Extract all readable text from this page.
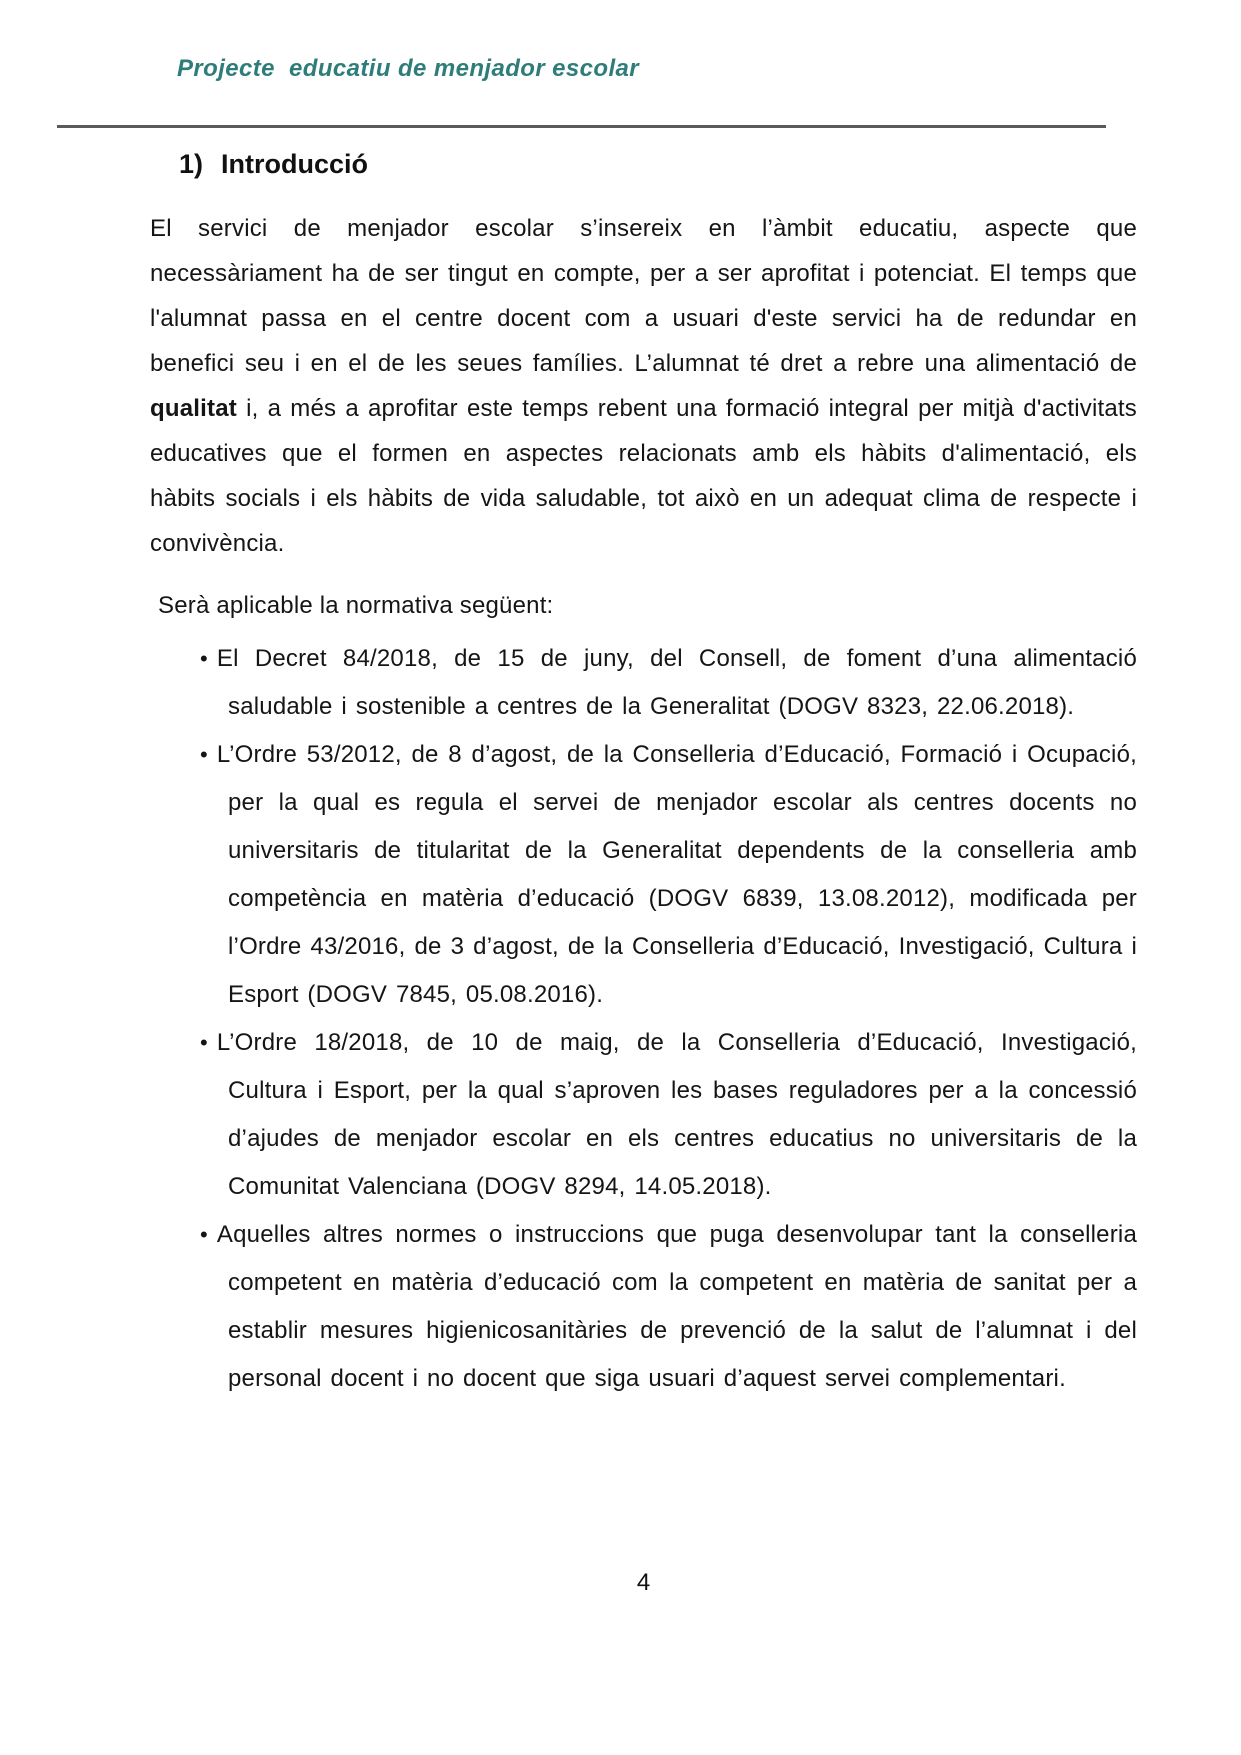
Projecte  educatiu de menjador escolar
1) Introducció

El servici de menjador escolar s’insereix en l’àmbit educatiu, aspecte que necessàriament ha de ser tingut en compte, per a ser aprofitat i potenciat. El temps que l'alumnat passa en el centre docent com a usuari d'este servici ha de redundar en benefici seu i en el de les seues famílies. L’alumnat té dret a rebre una alimentació de qualitat i, a més a aprofitar este temps rebent una formació integral per mitjà d'activitats educatives que el formen en aspectes relacionats amb els hàbits d'alimentació, els hàbits socials i els hàbits de vida saludable, tot això en un adequat clima de respecte i convivència.

Serà aplicable la normativa següent:

• El Decret 84/2018, de 15 de juny, del Consell, de foment d’una alimentació saludable i sostenible a centres de la Generalitat (DOGV 8323, 22.06.2018).
• L’Ordre 53/2012, de 8 d’agost, de la Conselleria d’Educació, Formació i Ocupació, per la qual es regula el servei de menjador escolar als centres docents no universitaris de titularitat de la Generalitat dependents de la conselleria amb competència en matèria d’educació (DOGV 6839, 13.08.2012), modificada per l’Ordre 43/2016, de 3 d’agost, de la Conselleria d’Educació, Investigació, Cultura i Esport (DOGV 7845, 05.08.2016).
• L’Ordre 18/2018, de 10 de maig, de la Conselleria d’Educació, Investigació, Cultura i Esport, per la qual s’aproven les bases reguladores per a la concessió d’ajudes de menjador escolar en els centres educatius no universitaris de la Comunitat Valenciana (DOGV 8294, 14.05.2018).
• Aquelles altres normes o instruccions que puga desenvolupar tant la conselleria competent en matèria d’educació com la competent en matèria de sanitat per a establir mesures higienicosanitàries de prevenció de la salut de l’alumnat i del personal docent i no docent que siga usuari d’aquest servei complementari.
4
